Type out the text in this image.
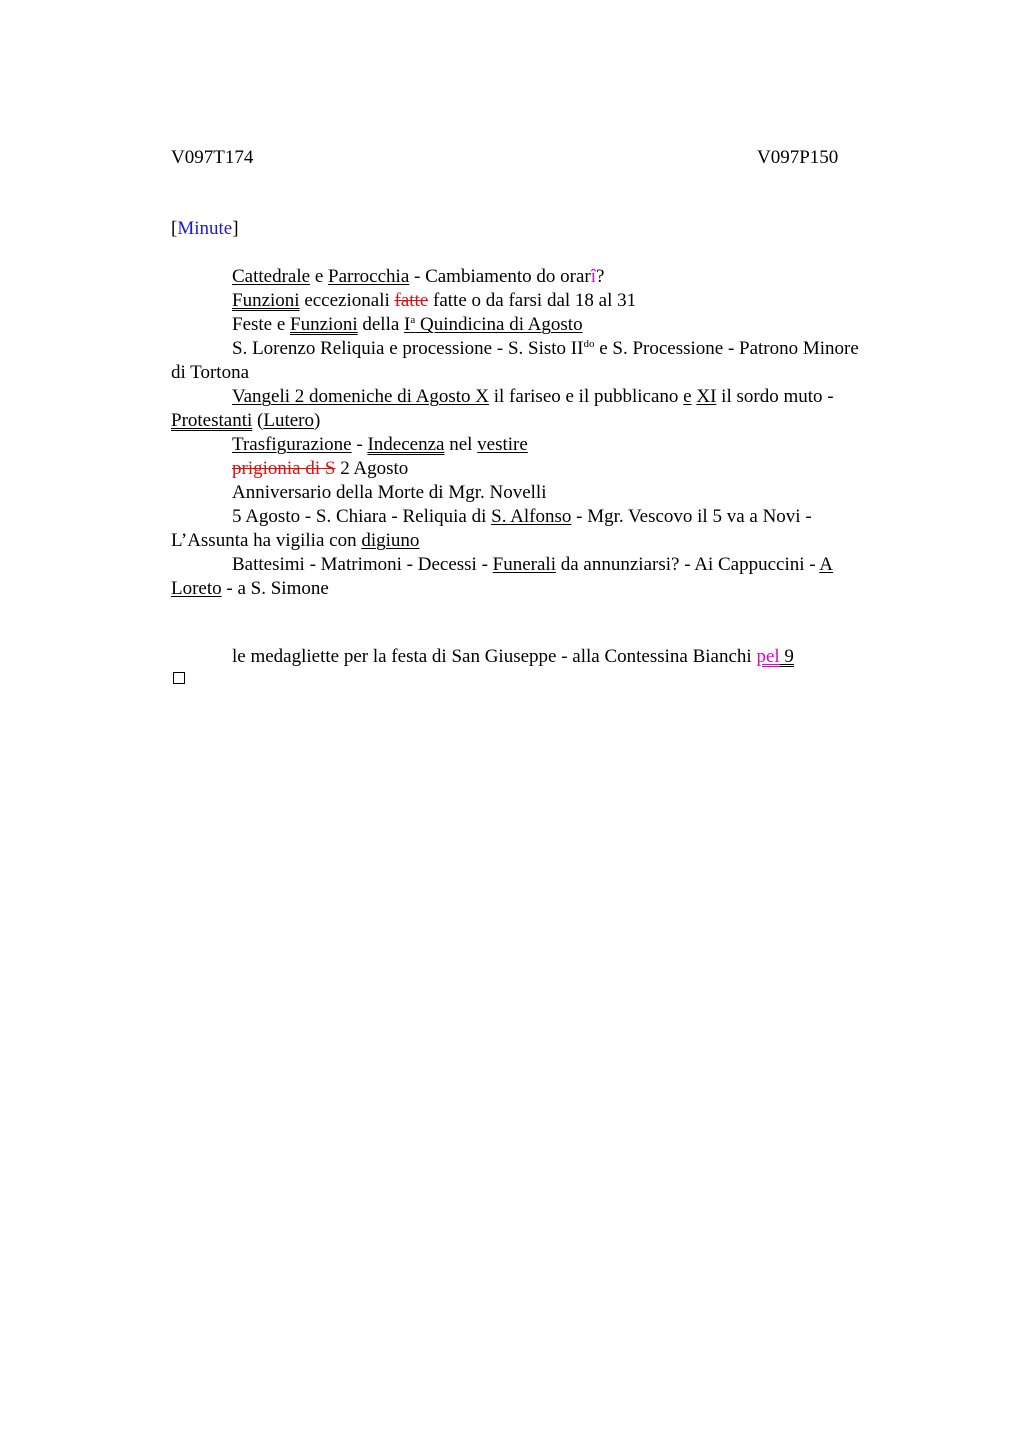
V097T174	V097P150
[Minute]
Cattedrale e Parrocchia - Cambiamento do orarî?
Funzioni eccezionali fatte fatte o da farsi dal 18 al 31
Feste e Funzioni della $I^a$ Quindicina di Agosto
S. Lorenzo Reliquia e processione - S. Sisto $II^{do}$ e S. Processione - Patrono Minore
di Tortona
Vangeli 2 domeniche di Agosto X il fariseo e il pubblicano e XI il sordo muto -
Protestanti (Lutero)
Trasfigurazione - Indecenza nel vestire
prigionia di S 2 Agosto
Anniversario della Morte di Mgr. Novelli
5 Agosto - S. Chiara - Reliquia di S. Alfonso - Mgr. Vescovo il 5 va a Novi -
L’Assunta ha vigilia con digiuno
Battesimi - Matrimoni - Decessi - Funerali da annunziarsi? - Ai Cappuccini - A
Loreto - a S. Simone
le medagliette per la festa di San Giuseppe - alla Contessina Bianchi pel 9
